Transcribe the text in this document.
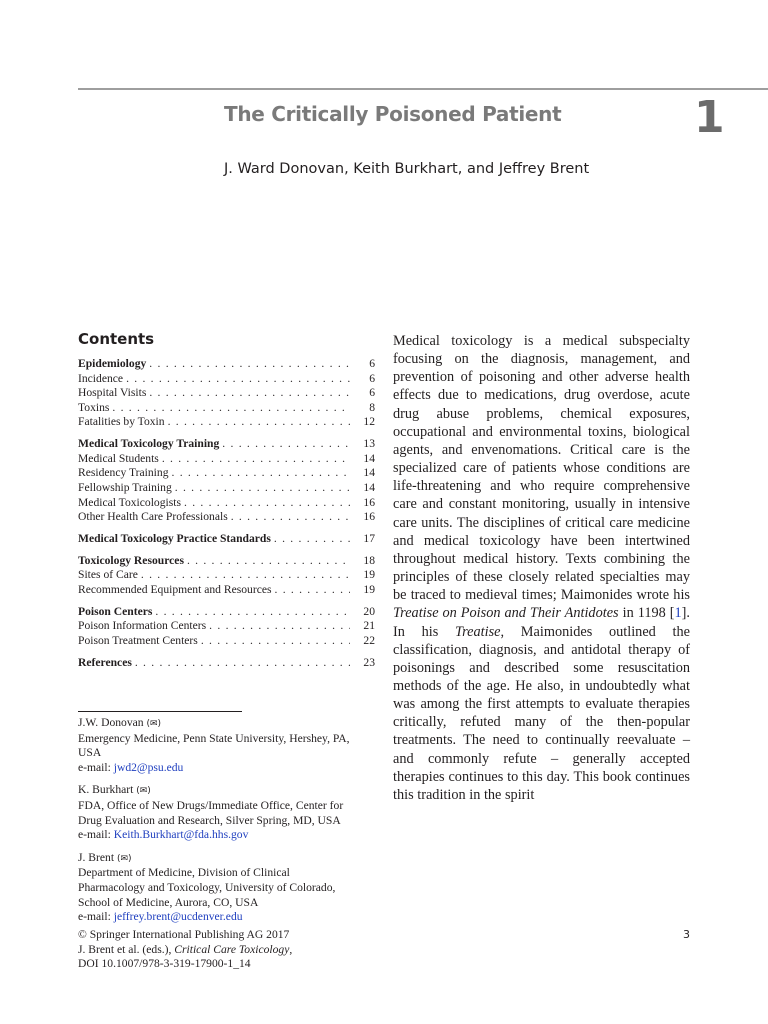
The Critically Poisoned Patient	1
J. Ward Donovan, Keith Burkhart, and Jeffrey Brent
Contents
Epidemiology . . .	6
Incidence . . .	6
Hospital Visits . . .	6
Toxins . . .	8
Fatalities by Toxin . . .	12
Medical Toxicology Training . . .	13
Medical Students . . .	14
Residency Training . . .	14
Fellowship Training . . .	14
Medical Toxicologists . . .	16
Other Health Care Professionals . . .	16
Medical Toxicology Practice Standards . . .	17
Toxicology Resources . . .	18
Sites of Care . . .	19
Recommended Equipment and Resources . . .	19
Poison Centers . . .	20
Poison Information Centers . . .	21
Poison Treatment Centers . . .	22
References . . .	23
J.W. Donovan (✉)
Emergency Medicine, Penn State University, Hershey, PA,
USA
e-mail: jwd2@psu.edu
K. Burkhart (✉)
FDA, Office of New Drugs/Immediate Office, Center for
Drug Evaluation and Research, Silver Spring, MD, USA
e-mail: Keith.Burkhart@fda.hhs.gov
J. Brent (✉)
Department of Medicine, Division of Clinical
Pharmacology and Toxicology, University of Colorado,
School of Medicine, Aurora, CO, USA
e-mail: jeffrey.brent@ucdenver.edu
Medical toxicology is a medical subspecialty focusing on the diagnosis, management, and prevention of poisoning and other adverse health effects due to medications, drug overdose, acute drug abuse problems, chemical exposures, occupational and environmental toxins, biological agents, and envenomations. Critical care is the specialized care of patients whose conditions are life-threatening and who require comprehensive care and constant monitoring, usually in intensive care units. The disciplines of critical care medicine and medical toxicology have been intertwined throughout medical history. Texts combining the principles of these closely related specialties may be traced to medieval times; Maimonides wrote his Treatise on Poison and Their Antidotes in 1198 [1]. In his Treatise, Maimonides outlined the classification, diagnosis, and antidotal therapy of poisonings and described some resuscitation methods of the age. He also, in undoubtedly what was among the first attempts to evaluate therapies critically, refuted many of the then-popular treatments. The need to continually reevaluate – and commonly refute – generally accepted therapies continues to this day. This book continues this tradition in the spirit
© Springer International Publishing AG 2017
J. Brent et al. (eds.), Critical Care Toxicology,
DOI 10.1007/978-3-319-17900-1_14
3
